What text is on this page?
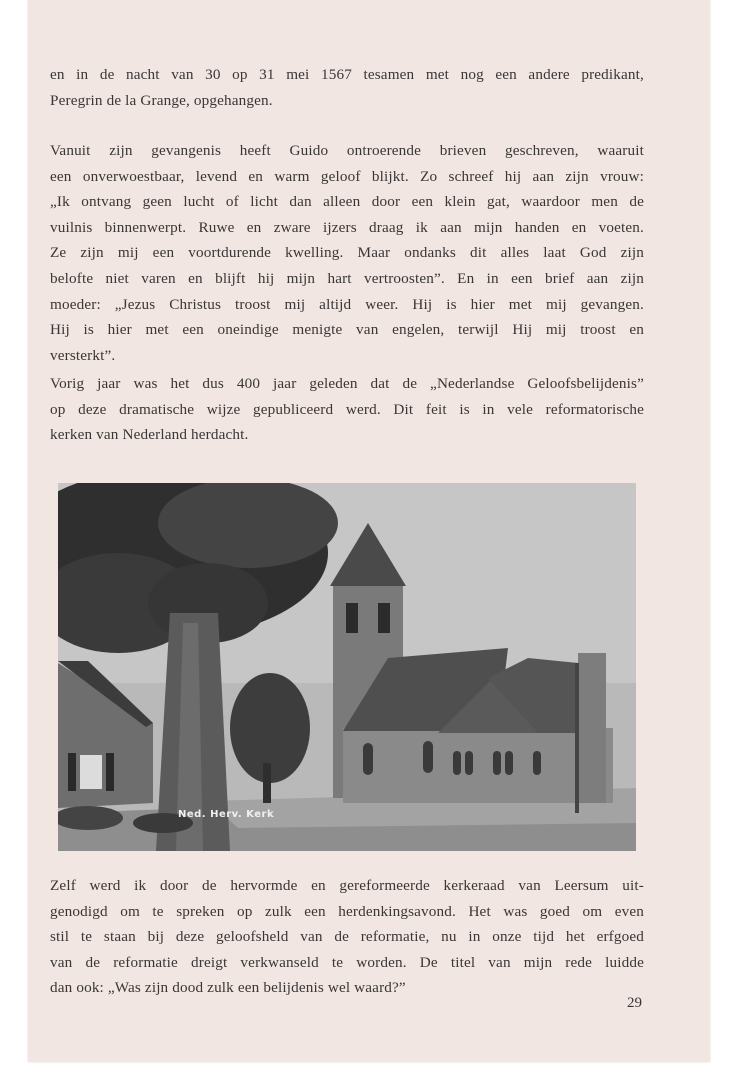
en in de nacht van 30 op 31 mei 1567 tesamen met nog een andere predikant,
Peregrin de la Grange, opgehangen.
Vanuit zijn gevangenis heeft Guido ontroerende brieven geschreven, waaruit
een onverwoestbaar, levend en warm geloof blijkt. Zo schreef hij aan zijn vrouw:
„Ik ontvang geen lucht of licht dan alleen door een klein gat, waardoor men de
vuilnis binnenwerpt. Ruwe en zware ijzers draag ik aan mijn handen en voeten.
Ze zijn mij een voortdurende kwelling. Maar ondanks dit alles laat God zijn
belofte niet varen en blijft hij mijn hart vertroosten”. En in een brief aan zijn
moeder: „Jezus Christus troost mij altijd weer. Hij is hier met mij gevangen.
Hij is hier met een oneindige menigte van engelen, terwijl Hij mij troost en
versterkt”.
Vorig jaar was het dus 400 jaar geleden dat de „Nederlandse Geloofsbelijdenis”
op deze dramatische wijze gepubliceerd werd. Dit feit is in vele reformatorische
kerken van Nederland herdacht.
Ned. Herv. Kerk
Zelf werd ik door de hervormde en gereformeerde kerkeraad van Leersum uit-
genodigd om te spreken op zulk een herdenkingsavond. Het was goed om even
stil te staan bij deze geloofsheld van de reformatie, nu in onze tijd het erfgoed
van de reformatie dreigt verkwanseld te worden. De titel van mijn rede luidde
dan ook: „Was zijn dood zulk een belijdenis wel waard?”
29
